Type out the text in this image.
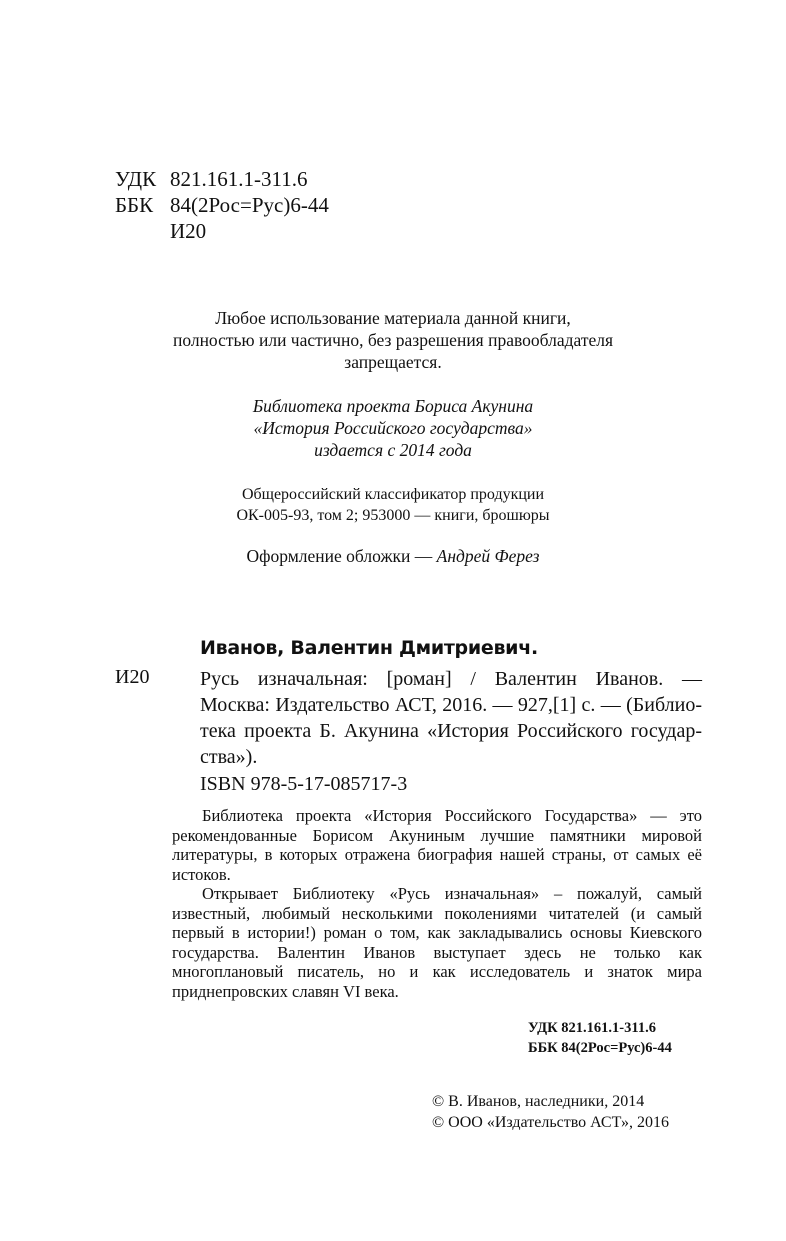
УДК 821.161.1-311.6
ББК 84(2Рос=Рус)6-44
И20
Любое использование материала данной книги,
полностью или частично, без разрешения правообладателя
запрещается.
Библиотека проекта Бориса Акунина
«История Российского государства»
издается с 2014 года
Общероссийский классификатор продукции
ОК-005-93, том 2; 953000 — книги, брошюры
Оформление обложки — Андрей Ферез
Иванов, Валентин Дмитриевич.
И20	Русь изначальная: [роман] / Валентин Иванов. —
Москва: Издательство АСТ, 2016. — 927,[1] с. — (Библио-
тека проекта Б. Акунина «История Российского государ-
ства»).
ISBN 978-5-17-085717-3

Библиотека проекта «История Российского Государства» — это рекомендованные Борисом Акуниным лучшие памятники мировой литературы, в которых отражена биография нашей страны, от самых её истоков.

Открывает Библиотеку «Русь изначальная» – пожалуй, самый известный, любимый несколькими поколениями читателей (и самый первый в истории!) роман о том, как закладывались основы Киевского государства. Валентин Иванов выступает здесь не только как многоплановый писатель, но и как исследователь и знаток мира приднепровских славян VI века.

УДК 821.161.1-311.6
ББК 84(2Рос=Рус)6-44
© В. Иванов, наследники, 2014
© ООО «Издательство АСТ», 2016
